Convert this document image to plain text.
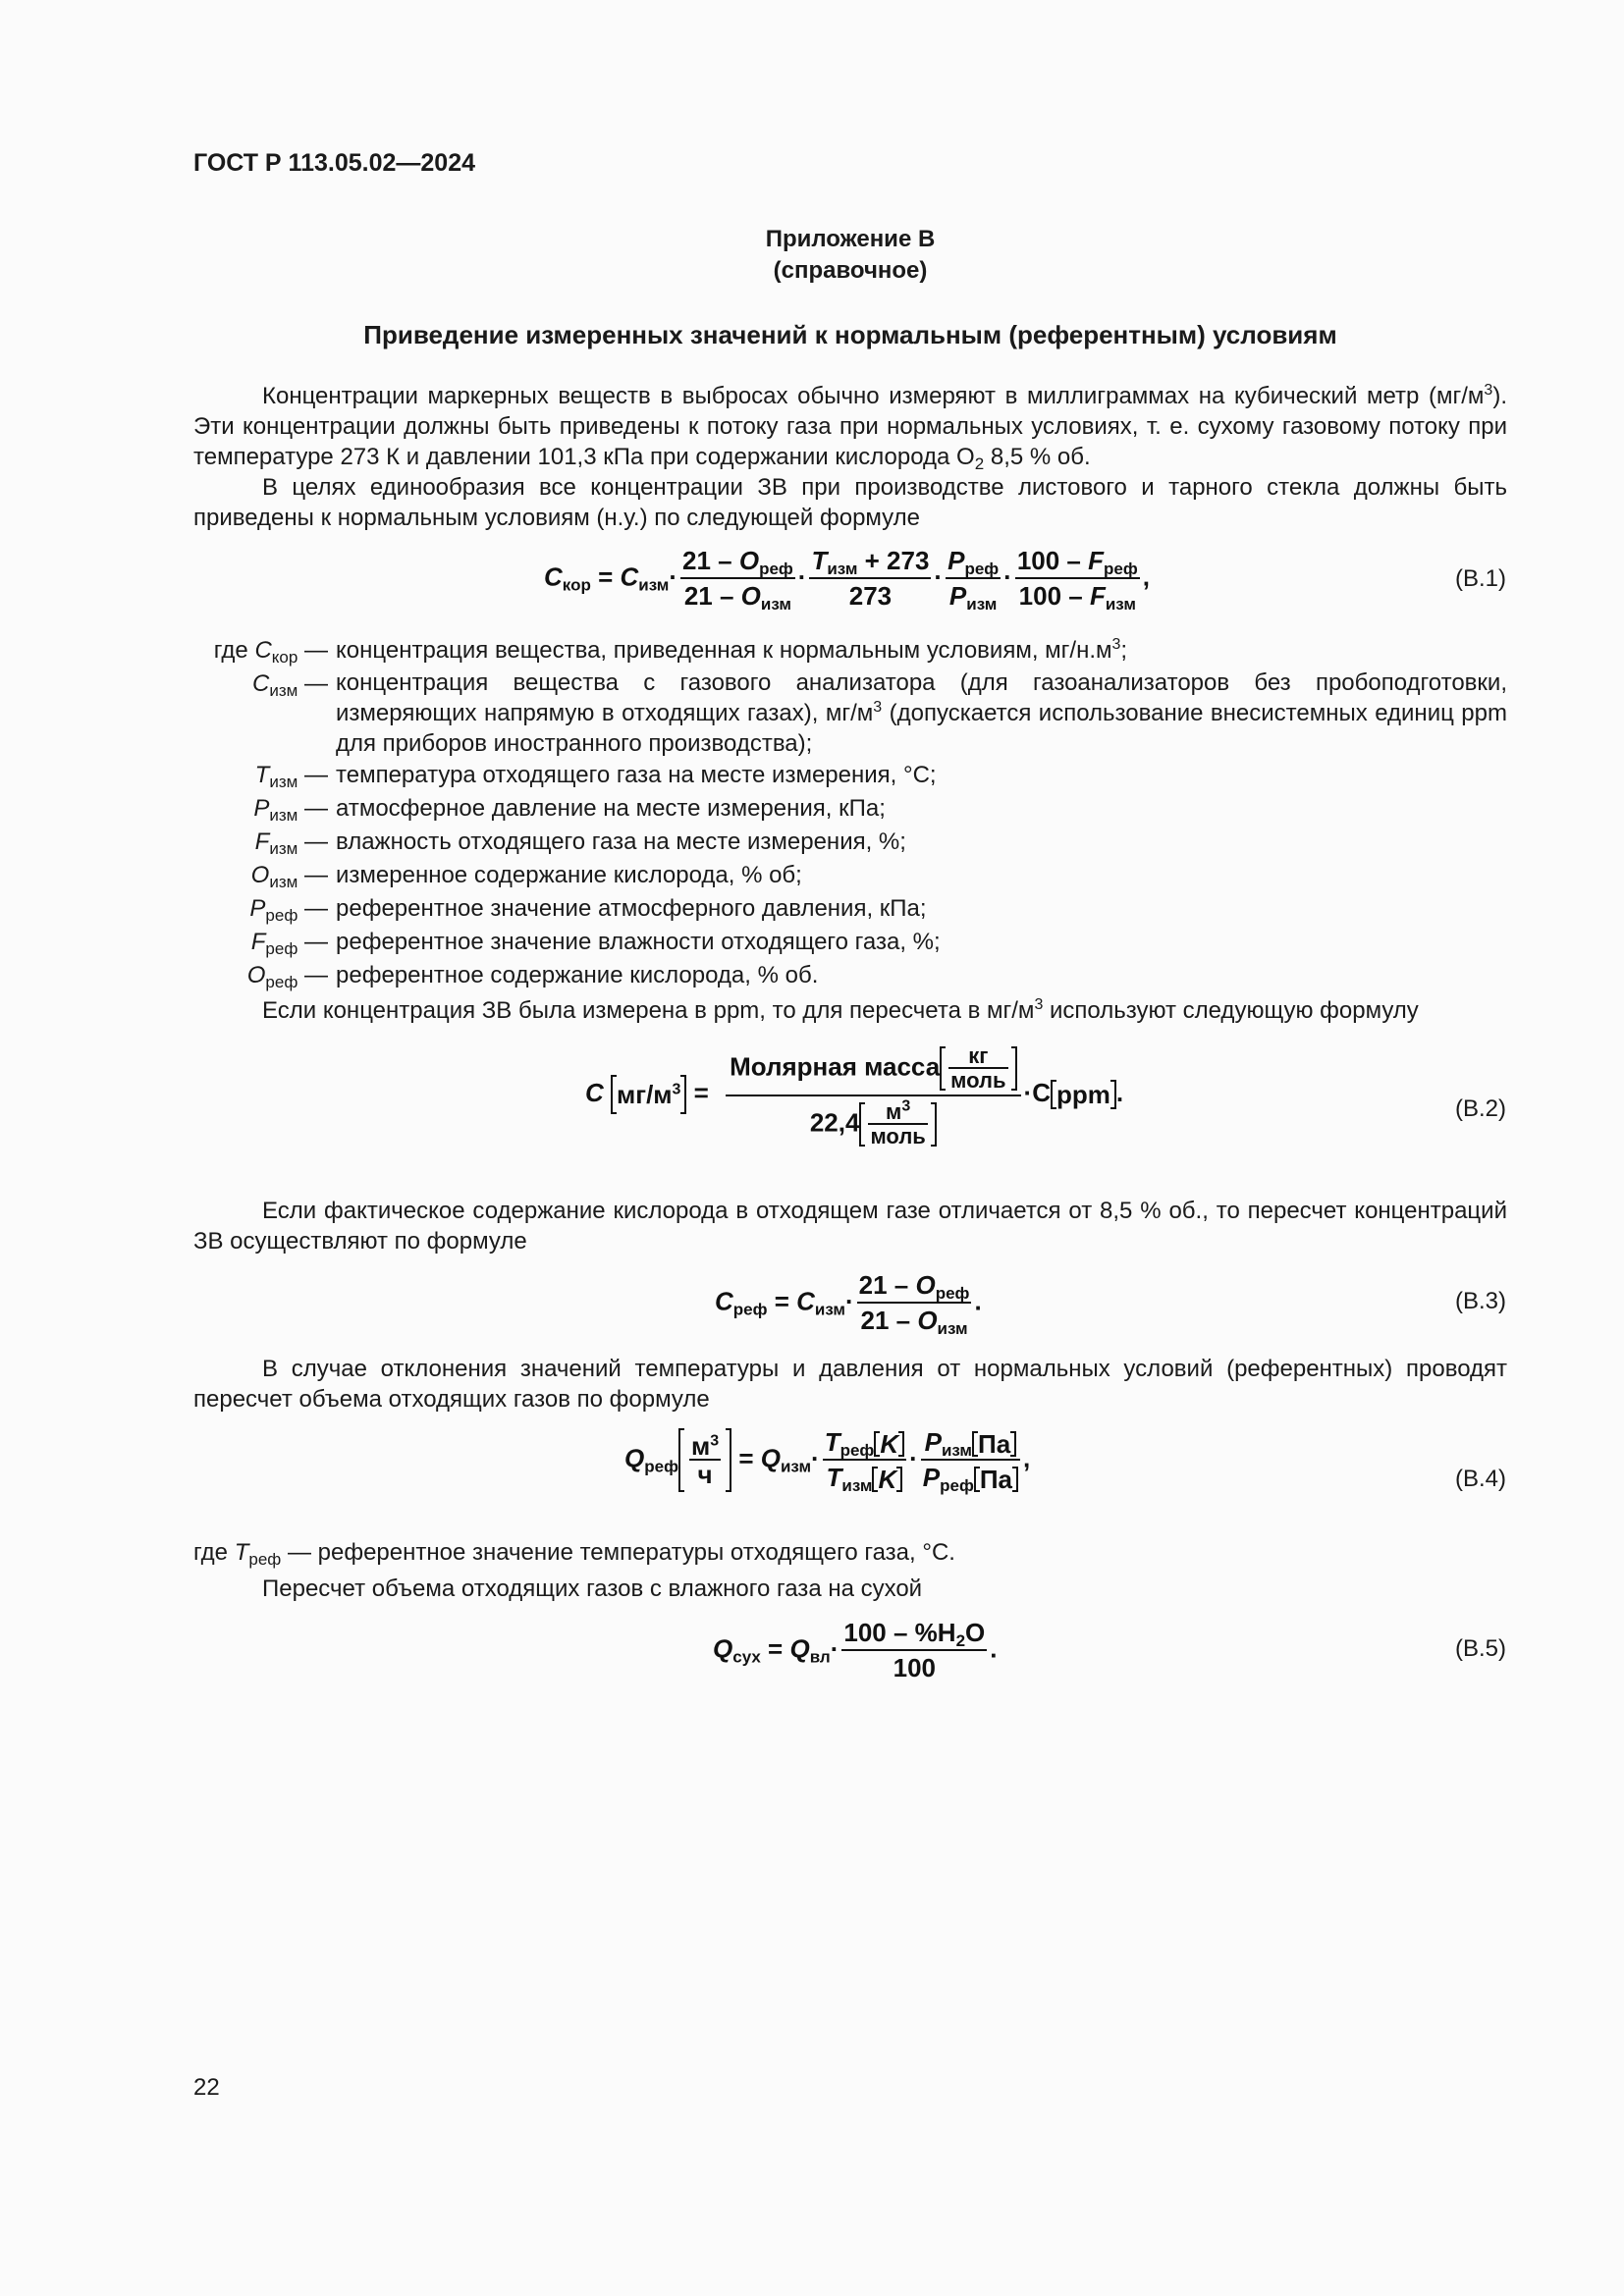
ГОСТ Р 113.05.02—2024
Приложение В
(справочное)
Приведение измеренных значений к нормальным (референтным) условиям
Концентрации маркерных веществ в выбросах обычно измеряют в миллиграммах на кубический метр $(мг/м^3)$. Эти концентрации должны быть приведены к потоку газа при нормальных условиях, т. е. сухому газовому потоку при температуре 273 К и давлении 101,3 кПа при содержании кислорода $O_2$ 8,5 % об.
В целях единообразия все концентрации ЗВ при производстве листового и тарного стекла должны быть приведены к нормальным условиям (н.у.) по следующей формуле
$C_{кор} = C_{изм}\cdot$
$21 - O_{реф}$
$21 - O_{изм}$
·
$T_{изм} + 273$
273
·
$P_{реф}$
$P_{изм}$
·
$100 - F_{реф}$
$100 - F_{изм}$
,	(В.1)
где $C_{кор}$ — концентрация вещества, приведенная к нормальным условиям, $мг/н.м^3$;
$C_{изм}$ — концентрация вещества с газового анализатора (для газоанализаторов без пробоподготовки, измеряющих напрямую в отходящих газах), $мг/м^3$ (допускается использование внесистемных единиц ppm для приборов иностранного производства);
$T_{изм}$ — температура отходящего газа на месте измерения, °С;
$P_{изм}$ — атмосферное давление на месте измерения, кПа;
$F_{изм}$ — влажность отходящего газа на месте измерения, %;
$O_{изм}$ — измеренное содержание кислорода, % об;
$P_{реф}$ — референтное значение атмосферного давления, кПа;
$F_{реф}$ — референтное значение влажности отходящего газа, %;
$O_{реф}$ — референтное содержание кислорода, % об.
Если концентрация ЗВ была измерена в ppm, то для пересчета в $мг/м^3$ используют следующую формулу
C $мг/м^3$ =
Молярная масса	кг
моль
22,4	$м^3$
моль
·C ppm .
(В.2)
Если фактическое содержание кислорода в отходящем газе отличается от 8,5 % об., то пересчет концентраций ЗВ осуществляют по формуле
$C_{реф} = C_{изм}\cdot$
$21 - O_{реф}$
$21 - O_{изм}$
.	(В.3)
В случае отклонения значений температуры и давления от нормальных условий (референтных) проводят пересчет объема отходящих газов по формуле
$Q_{реф}$
$м^3$
ч
= $Q_{изм}\cdot$
$T_{реф}$ K
$T_{изм}$ K
·
$P_{изм}$ Па
$P_{реф}$ Па
,
(В.4)
где $T_{реф}$ — референтное значение температуры отходящего газа, °С.
Пересчет объема отходящих газов с влажного газа на сухой
$Q_{сух} = Q_{вл}\cdot \frac{100 - \%H_2O}{100}$ .	(В.5)
22
